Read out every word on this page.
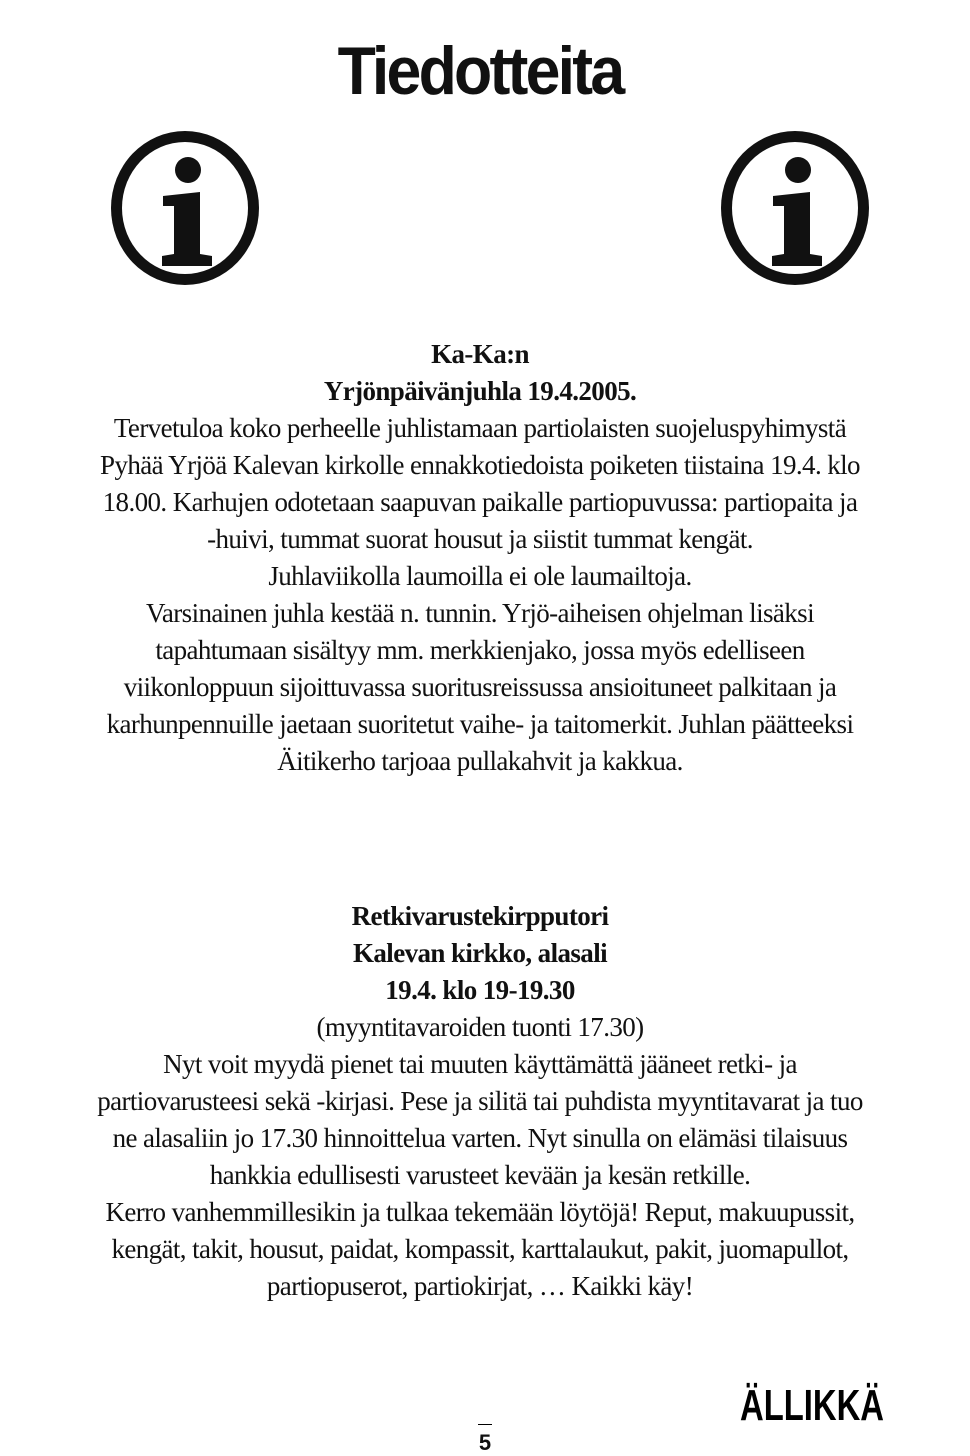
Tiedotteita
Ka-Ka:n
Yrjönpäivänjuhla 19.4.2005.
Tervetuloa koko perheelle juhlistamaan partiolaisten suojeluspyhimystä
Pyhää Yrjöä Kalevan kirkolle ennakkotiedoista poiketen tiistaina 19.4. klo
18.00. Karhujen odotetaan saapuvan paikalle partiopuvussa: partiopaita ja
-huivi, tummat suorat housut ja siistit tummat kengät.
Juhlaviikolla laumoilla ei ole laumailtoja.
Varsinainen juhla kestää n. tunnin. Yrjö-aiheisen ohjelman lisäksi
tapahtumaan sisältyy mm. merkkienjako, jossa myös edelliseen
viikonloppuun sijoittuvassa suoritusreissussa ansioituneet palkitaan ja
karhunpennuille jaetaan suoritetut vaihe- ja taitomerkit. Juhlan päätteeksi
Äitikerho tarjoaa pullakahvit ja kakkua.
Retkivarustekirpputori
Kalevan kirkko, alasali
19.4. klo 19-19.30
(myyntitavaroiden tuonti 17.30)
Nyt voit myydä pienet tai muuten käyttämättä jääneet retki- ja
partiovarusteesi sekä -kirjasi. Pese ja silitä tai puhdista myyntitavarat ja tuo
ne alasaliin jo 17.30 hinnoittelua varten. Nyt sinulla on elämäsi tilaisuus
hankkia edullisesti varusteet kevään ja kesän retkille.
Kerro vanhemmillesikin ja tulkaa tekemään löytöjä! Reput, makuupussit,
kengät, takit, housut, paidat, kompassit, karttalaukut, pakit, juomapullot,
partiopuserot, partiokirjat, … Kaikki käy!
ÄLLIKKÄ
5
